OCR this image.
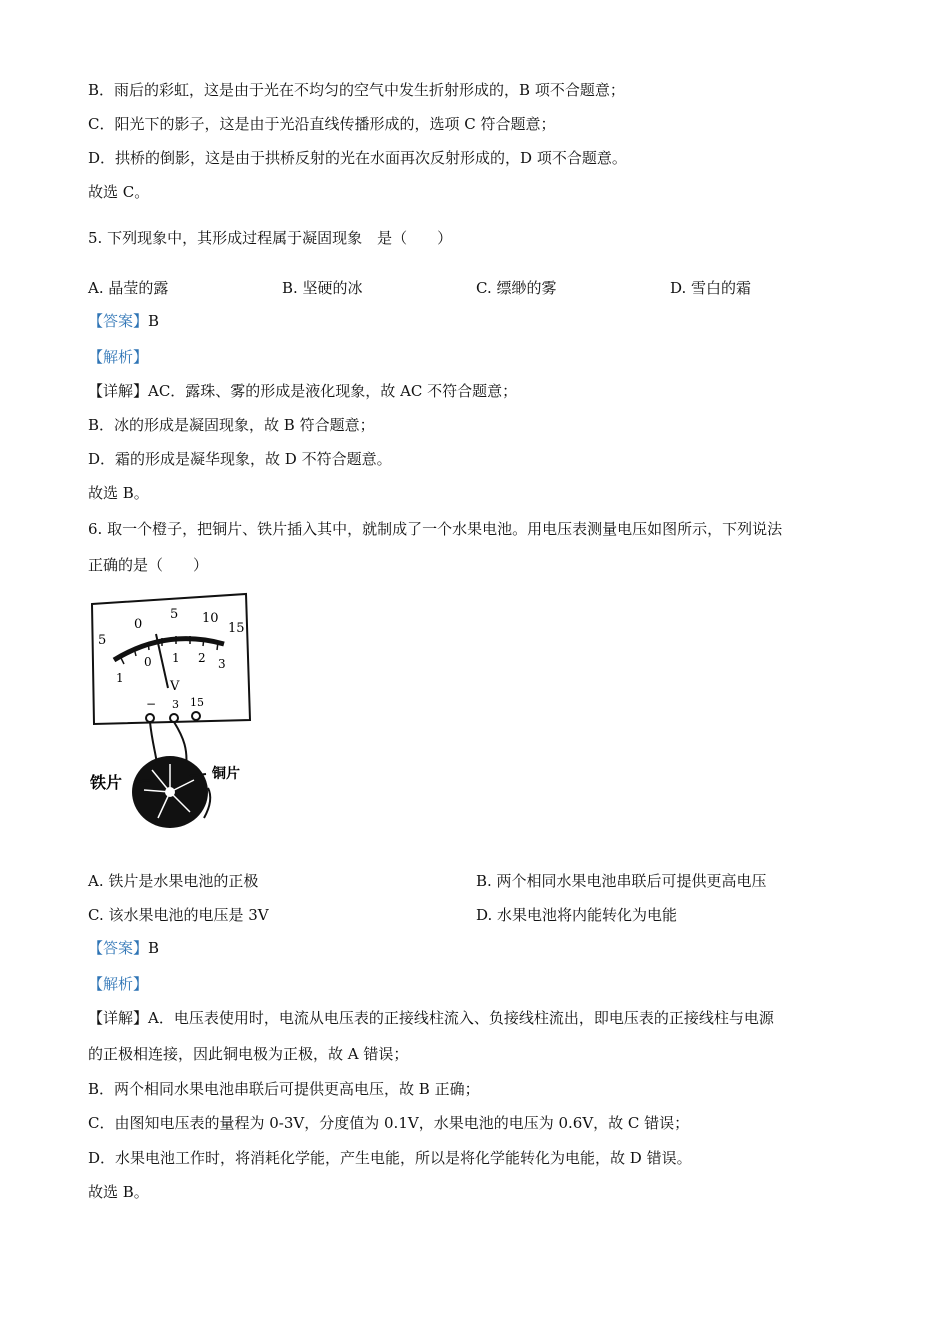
B．雨后的彩虹，这是由于光在不均匀的空气中发生折射形成的，B 项不合题意；
C．阳光下的影子，这是由于光沿直线传播形成的，选项 C 符合题意；
D．拱桥的倒影，这是由于拱桥反射的光在水面再次反射形成的，D 项不合题意。
故选 C。
5. 下列现象中，其形成过程属于凝固现象　是（　　）
A. 晶莹的露	B. 坚硬的冰	C. 缥缈的雾	D. 雪白的霜
【答案】B
【解析】
【详解】AC．露珠、雾的形成是液化现象，故 AC 不符合题意；
B．冰的形成是凝固现象，故 B 符合题意；
D．霜的形成是凝华现象，故 D 不符合题意。
故选 B。
6. 取一个橙子，把铜片、铁片插入其中，就制成了一个水果电池。用电压表测量电压如图所示，下列说法
正确的是（　　）
5
0
5 10
15
1
0 1 2 3
V
− 3 15
铁片	铜片
A. 铁片是水果电池的正极	B. 两个相同水果电池串联后可提供更高电压
C. 该水果电池的电压是 3V	D. 水果电池将内能转化为电能
【答案】B
【解析】
【详解】A．电压表使用时，电流从电压表的正接线柱流入、负接线柱流出，即电压表的正接线柱与电源
的正极相连接，因此铜电极为正极，故 A 错误；
B．两个相同水果电池串联后可提供更高电压，故 B 正确；
C．由图知电压表的量程为 0-3V，分度值为 0.1V，水果电池的电压为 0.6V，故 C 错误；
D．水果电池工作时，将消耗化学能，产生电能，所以是将化学能转化为电能，故 D 错误。
故选 B。
